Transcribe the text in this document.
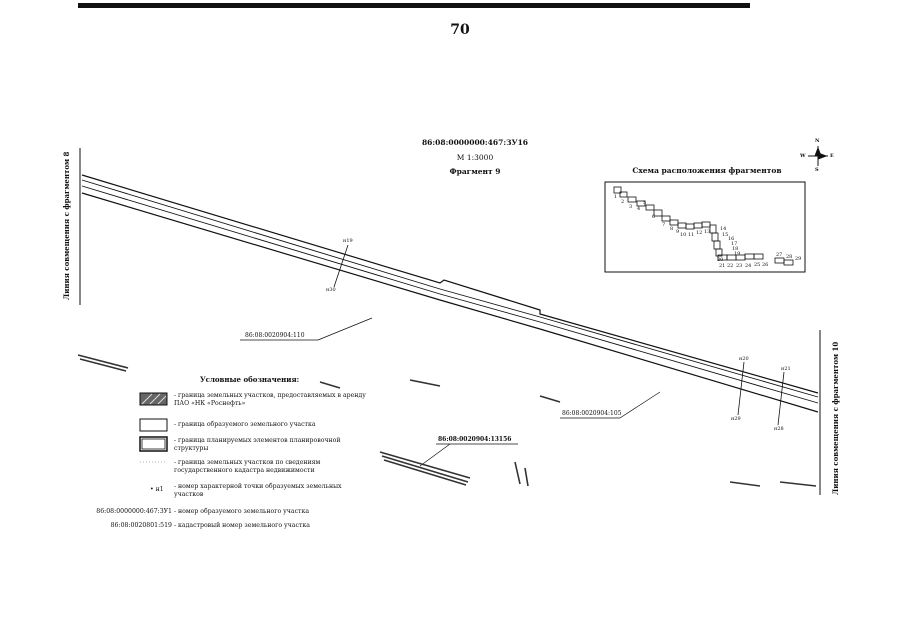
70
86:08:0000000:467:ЗУ16
М 1:3000
Фрагмент 9	Схема расположения фрагментов
1
2
3 4
5
6
7
8 9 10 11 12 13 14
15
16
17
18
19
20
21 22 23 24 25 26
27 28 29
N
S
W	E
Линия совмещения с фрагментом 8
Линия совмещения с фрагментом 10
86:08:0020904:110
86:08:0020904:105
86:08:0020904:13156
н19
н30
н20
н29
н21
н28
Условные обозначения:
- граница земельных участков, предоставляемых в аренду ПАО «НК «Роснефть»
- граница образуемого земельного участка
- граница планируемых элементов планировочной структуры
- граница земельных участков по сведениям государственного кадастра недвижимости
• н1	- номер характерной точки образуемых земельных участков
86:08:0000000:467:ЗУ1 - номер образуемого земельного участка
86:08:0020801:519 - кадастровый номер земельного участка
